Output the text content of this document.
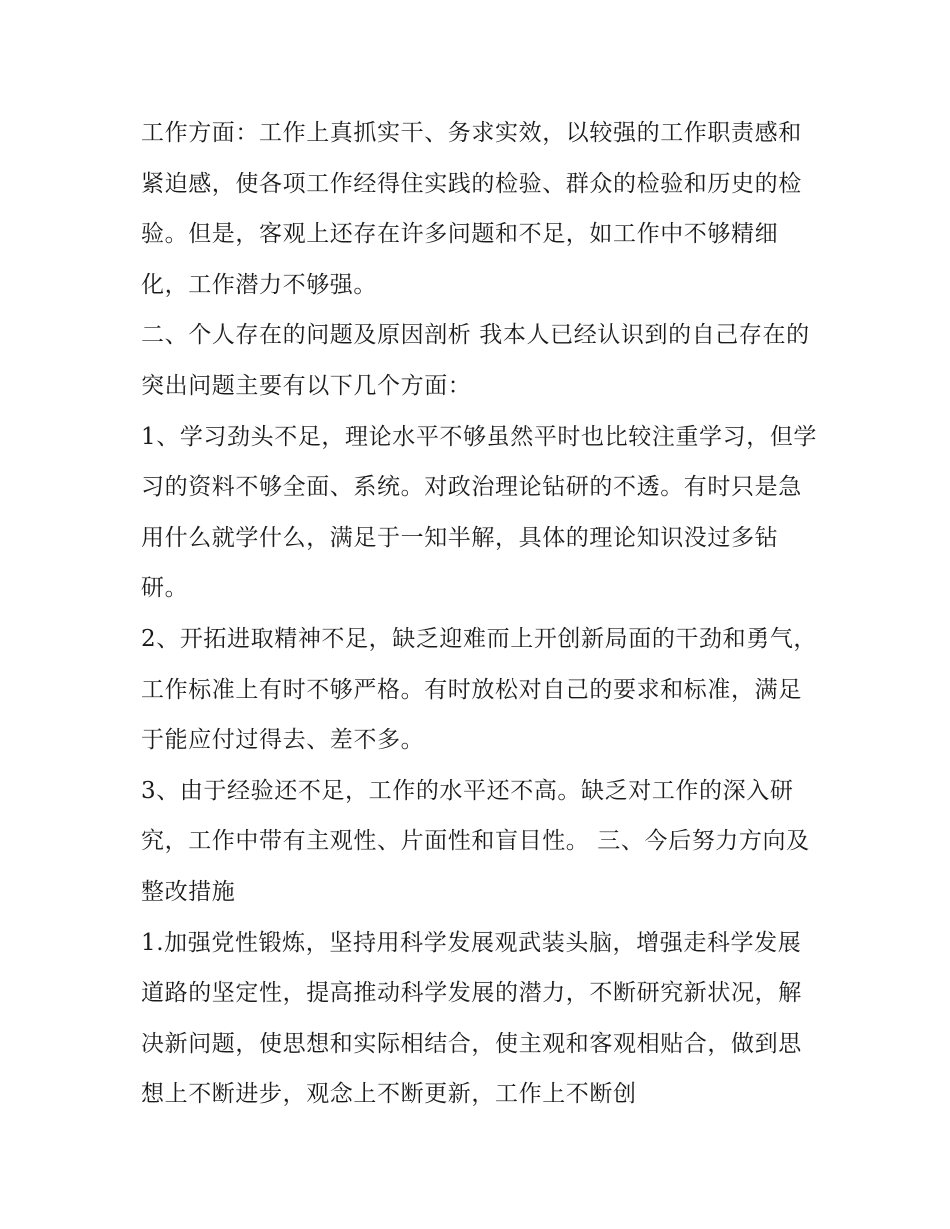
工作方面：工作上真抓实干、务求实效，以较强的工作职责感和紧迫感，使各项工作经得住实践的检验、群众的检验和历史的检验。但是，客观上还存在许多问题和不足，如工作中不够精细化，工作潜力不够强。

二、个人存在的问题及原因剖析 我本人已经认识到的自己存在的突出问题主要有以下几个方面：

1、学习劲头不足，理论水平不够虽然平时也比较注重学习，但学习的资料不够全面、系统。对政治理论钻研的不透。有时只是急用什么就学什么，满足于一知半解，具体的理论知识没过多钻研。

2、开拓进取精神不足，缺乏迎难而上开创新局面的干劲和勇气，工作标准上有时不够严格。有时放松对自己的要求和标准，满足于能应付过得去、差不多。

3、由于经验还不足，工作的水平还不高。缺乏对工作的深入研究，工作中带有主观性、片面性和盲目性。 三、今后努力方向及整改措施

1.加强党性锻炼，坚持用科学发展观武装头脑，增强走科学发展道路的坚定性，提高推动科学发展的潜力，不断研究新状况，解决新问题，使思想和实际相结合，使主观和客观相贴合，做到思想上不断进步，观念上不断更新，工作上不断创
